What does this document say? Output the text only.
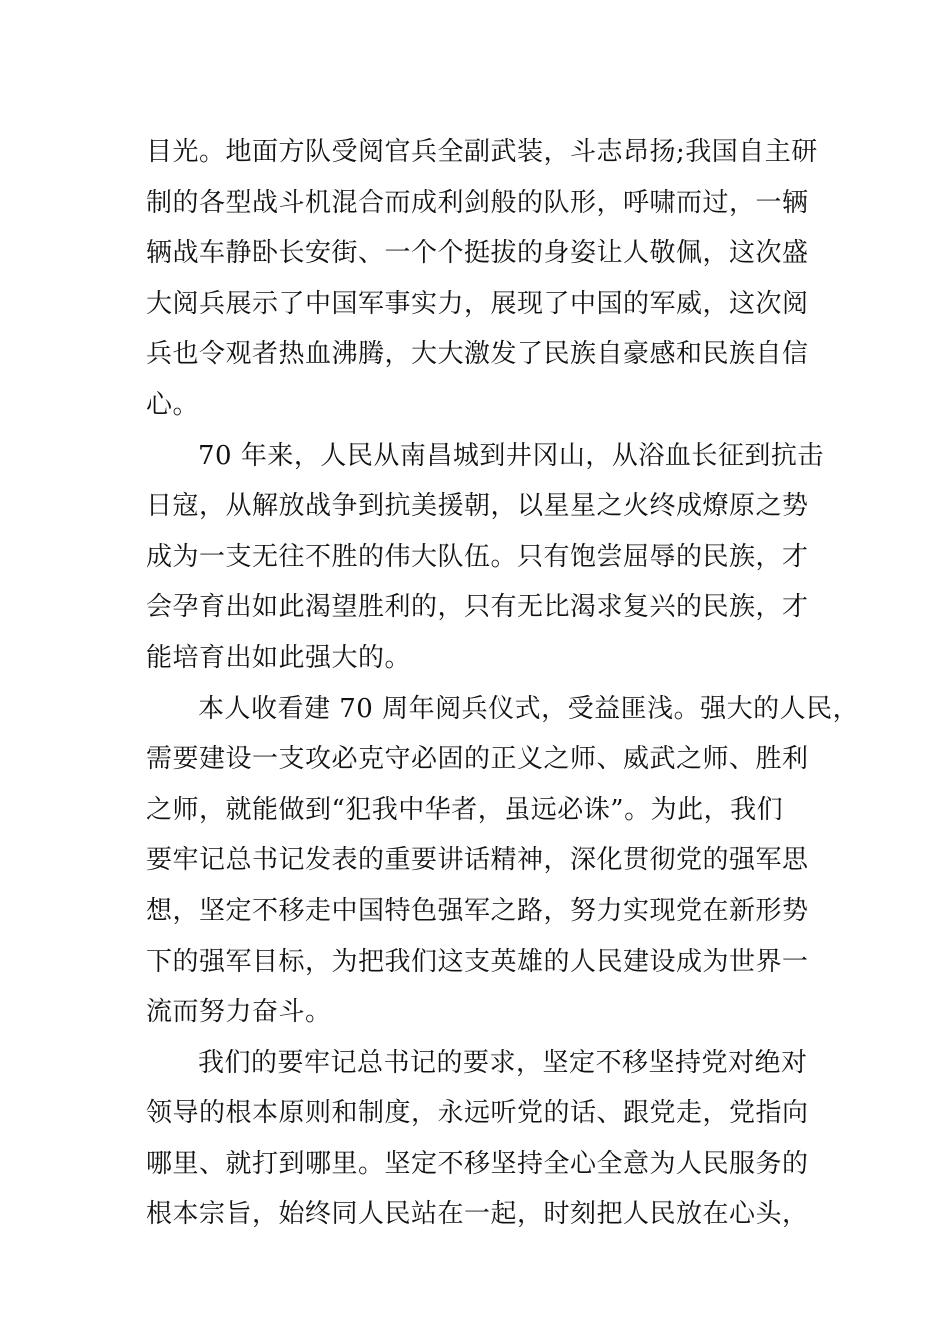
目光。地面方队受阅官兵全副武装，斗志昂扬;我国自主研
制的各型战斗机混合而成利剑般的队形，呼啸而过，一辆
辆战车静卧长安街、一个个挺拔的身姿让人敬佩，这次盛
大阅兵展示了中国军事实力，展现了中国的军威，这次阅
兵也令观者热血沸腾，大大激发了民族自豪感和民族自信
心。
70 年来，人民从南昌城到井冈山，从浴血长征到抗击
日寇，从解放战争到抗美援朝，以星星之火终成燎原之势
成为一支无往不胜的伟大队伍。只有饱尝屈辱的民族，才
会孕育出如此渴望胜利的，只有无比渴求复兴的民族，才
能培育出如此强大的。
本人收看建 70 周年阅兵仪式，受益匪浅。强大的人民，
需要建设一支攻必克守必固的正义之师、威武之师、胜利
之师，就能做到“犯我中华者，虽远必诛”。为此，我们
要牢记总书记发表的重要讲话精神，深化贯彻党的强军思
想，坚定不移走中国特色强军之路，努力实现党在新形势
下的强军目标，为把我们这支英雄的人民建设成为世界一
流而努力奋斗。
我们的要牢记总书记的要求，坚定不移坚持党对绝对
领导的根本原则和制度，永远听党的话、跟党走，党指向
哪里、就打到哪里。坚定不移坚持全心全意为人民服务的
根本宗旨，始终同人民站在一起，时刻把人民放在心头，
